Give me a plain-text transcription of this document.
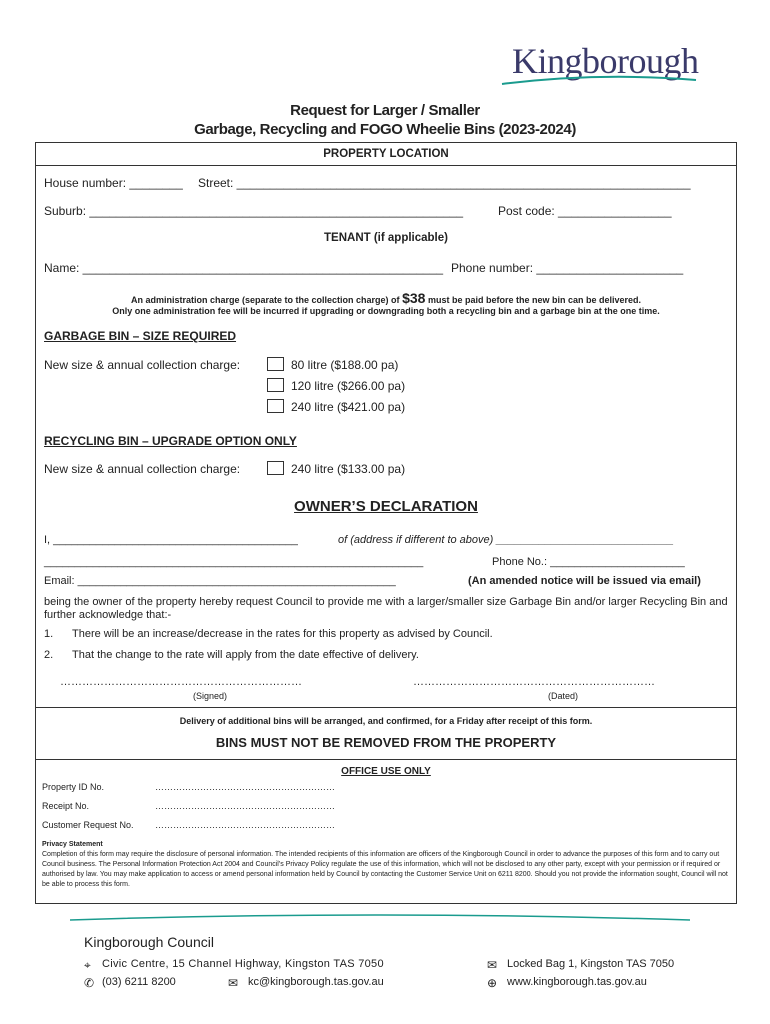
Kingborough
Request for Larger / Smaller
Garbage, Recycling and FOGO Wheelie Bins (2023-2024)
PROPERTY LOCATION
House number: ________ Street: ____________________________________________________________________
Suburb: ________________________________________________________	Post code: _________________
TENANT (if applicable)
Name: ______________________________________________________ Phone number: ______________________
An administration charge (separate to the collection charge) of $38 must be paid before the new bin can be delivered.
Only one administration fee will be incurred if upgrading or downgrading both a recycling bin and a garbage bin at the one time.
GARBAGE BIN – SIZE REQUIRED
New size & annual collection charge:	80 litre ($188.00 pa)
120 litre ($266.00 pa)
240 litre ($421.00 pa)
RECYCLING BIN – UPGRADE OPTION ONLY
New size & annual collection charge:	240 litre ($133.00 pa)
OWNER’S DECLARATION
I, ________________________________________	of (address if different to above) _____________________________
______________________________________________________________	Phone No.: ______________________
Email: ____________________________________________________	(An amended notice will be issued via email)
being the owner of the property hereby request Council to provide me with a larger/smaller size Garbage Bin and/or larger Recycling Bin and further acknowledge that:-
1. There will be an increase/decrease in the rates for this property as advised by Council.
2. That the change to the rate will apply from the date effective of delivery.
…………………………………………………………
(Signed)
…………………………………………………………
(Dated)
Delivery of additional bins will be arranged, and confirmed, for a Friday after receipt of this form.
BINS MUST NOT BE REMOVED FROM THE PROPERTY
OFFICE USE ONLY
Property ID No.	……………………………………………………
Receipt No.	……………………………………………………
Customer Request No. ……………………………………………………
Privacy Statement
Completion of this form may require the disclosure of personal information. The intended recipients of this information are officers of the Kingborough Council in order to advance the purposes of this form and to carry out Council business. The Personal Information Protection Act 2004 and Council’s Privacy Policy regulate the use of this information, which will not be disclosed to any other party, except with your permission or if required or authorised by law. You may make application to access or amend personal information held by Council by contacting the Customer Service Unit on 6211 8200. Should you not provide the information sought, Council will not be able to process this form.
Kingborough Council
⌖ Civic Centre, 15 Channel Highway, Kingston TAS 7050
✆ (03) 6211 8200	✉ kc@kingborough.tas.gov.au
✉ Locked Bag 1, Kingston TAS 7050
⊕ www.kingborough.tas.gov.au
